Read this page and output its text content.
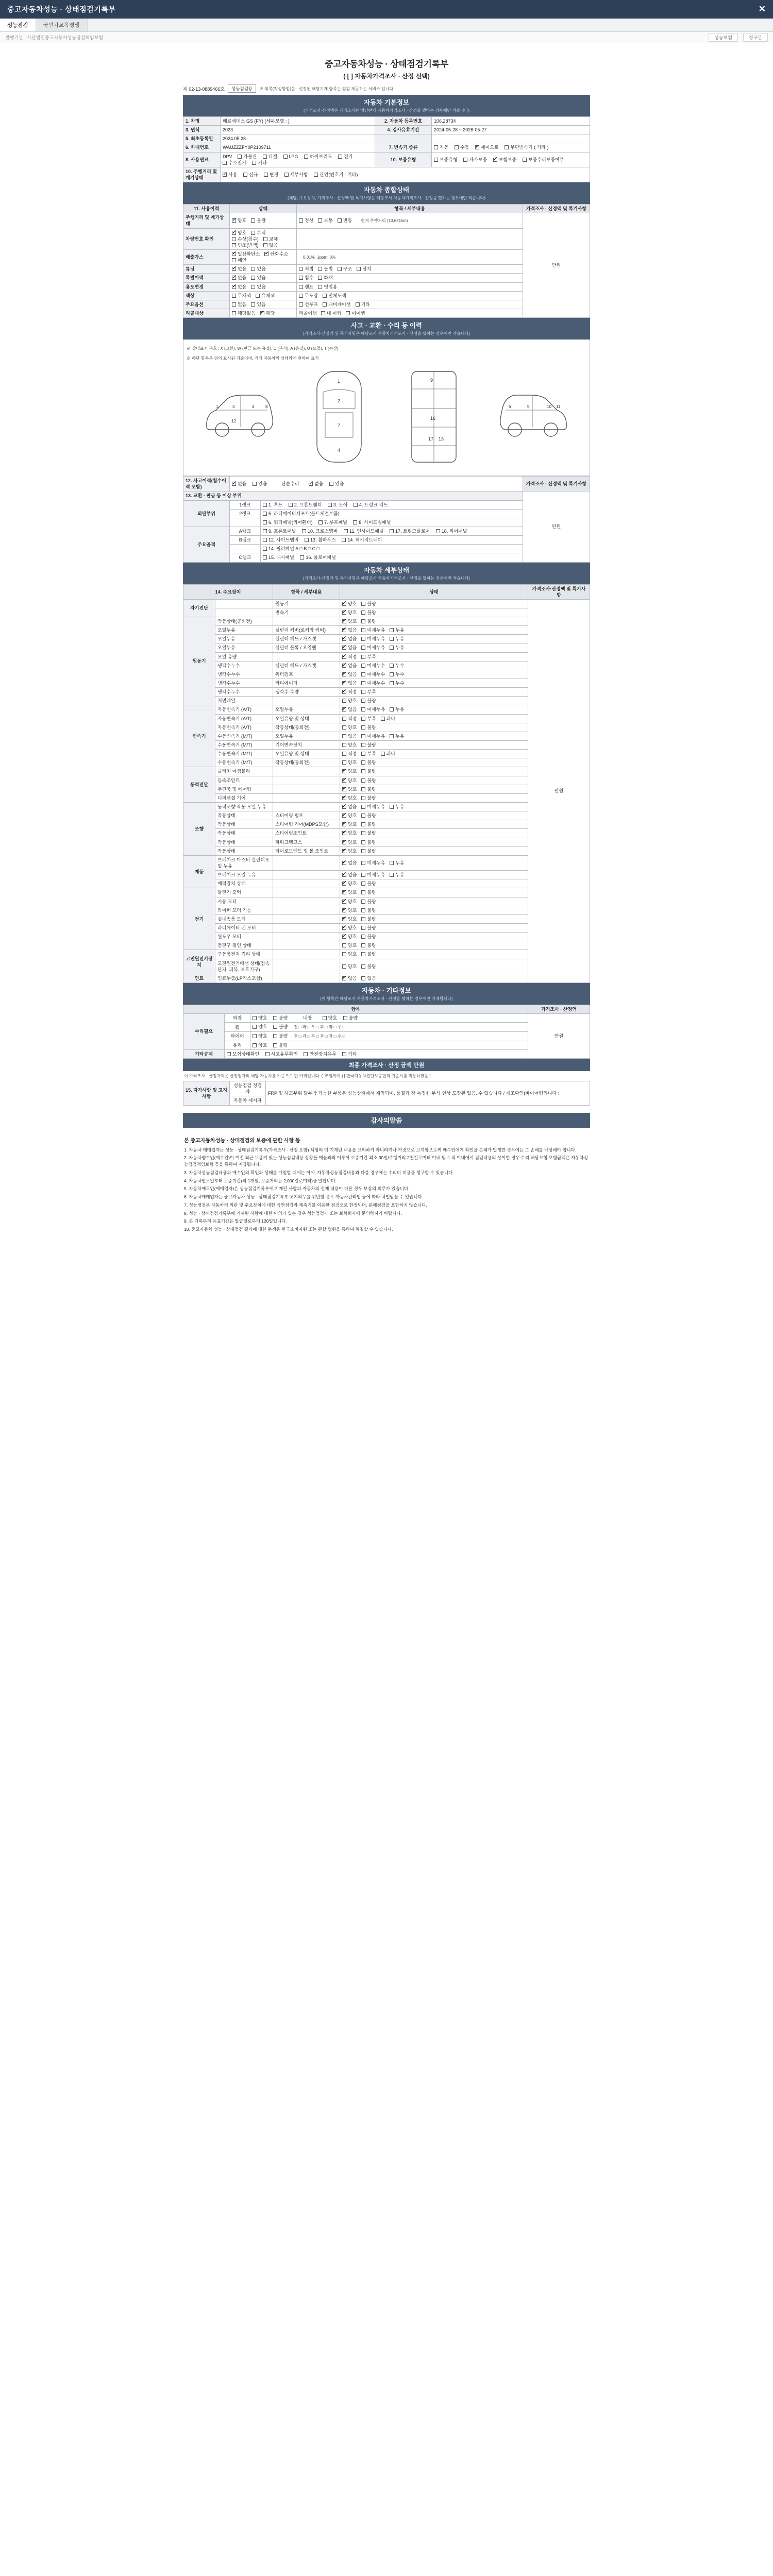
중고자동차성능 · 상태점검기록부	✕
성능점검	국민차교육평생
발행기관 : 사단법인중고자동차성능점검책임보험	성능보험	정구분
중고자동차성능 · 상태점검기록부
( [ ] 자동차가격조사 · 산정 선택)
제 02-13-0889466호	성능점검용	※ 뒤쪽(작성방법)을 · 선정된 해당기재 항목는 점검 제공하는 서비스 입니다.
자동차 기본정보
(가격조사·산정액은 가격조사란 해당란에 자동차가격조사 · 산정을 했하는 경우에만 적습니다)
1. 차명	메르세데스 GS (FY) (세부모델 : )	2. 자동차 등록번호	106.28734
3. 연식	2023	4. 검사유효기간	2024-05-28 ~ 2026-05-27
5. 최초등록일	2024.05.28		
6. 차대번호	WAUZZZFY0P2109711	7. 변속기 종류	자동 수동 ✓ 세미오토 무단변속기 ( 기타 )
8. 사용연료	DPV 가솔린 디젤 LPG 하이브리드 전기 수소전기 기타	10. 보증유형	보증유형 자가보증 ✓ 보험보증 보증수리보증여부
10. 주행거리 및 계기상태	✓사용 신규 변경 세부사항 관인(번호기 : 기타)
자동차 종합상태
(해당, 주요장치, 가격조사 · 산정액 및 특기사항은 해당조사 자동차가격조사 · 산정을 했하는 경우에만 적습니다)
11. 사용이력	상태	항목 / 세부내용	가격조사 · 산정액 및 특기사항
주행거리 및 계기상태	✓양호 불량	정상 보통 변동 현재 주행거리 (13,621km)	만원
차량번호 확인	✓양호 부식손상(침수) 교체변조(변색) 없음	
배출가스	✓일산화탄소 ✓ 탄화수소매연	0.01%, 1ppm, 0%	
튜닝	✓없음 있음	적법 불법 구조 장치	
특별이력	✓없음 있음	침수 화재	
용도변경	✓없음 있음	렌트 영업용	
색상	무채색 유채색	무도장 전체도색	
주요옵션	없음 있음	선루프 내비게이션 기타	
리콜대상	해당없음 ✓ 해당	리콜이행 내 이행 미이행	
사고 · 교환 · 수리 등 이력
(가격조사·산정액 및 특기사항은 해당조사 자동차가격조사 · 산정을 했하는 경우에만 적습니다)
※ 상태표시 부호 : X (교환), W (판금 또는 용접), C (부식), A (흠집), U (요철), T (손상)
※ 하단 항목은 위의 표시된 기준이며, 기타 자동차의 상태와에 관하여 표기
1	3	4	8
12
1
2
7
4
9
16
17 13
6	5	10 11
12. 사고이력(침수이력 포함)	✓없음 있음 단순수리 ✓ 없음 있음		가격조사 · 산정액 및 특기사항
13. 교환 · 판금 등 이상 부위			만원
외판부위	1랭크	1. 후드 2. 프론트휀더 3. 도어 4. 트렁크 리드	
	2랭크	5. 라디에이터서포트(볼트체결부품)	
		6. 쿼터패널(리어휀더) 7. 루프패널 8. 사이드실패널	
주요골격	A랭크	9. 프론트패널 10. 크로스멤버 11. 인사이드패널 17. 트렁크플로어 18. 리어패널	
	B랭크	12. 사이드멤버 13. 휠하우스 14. 패키지트레이	
		14. 필러패널 A □ B □ C □	
	C랭크	15. 대시패널 16. 플로어패널	
자동차 세부상태
(가격조사·산정액 및 특기사항은 해당조사 자동차가격조사 · 산정을 했하는 경우에만 적습니다)
14. 주요장치		항목 / 세부내용	상태	가격조사·산정액 및 특기사항
자기진단		원동기	✓양호 불량	만원
		변속기	✓양호 불량
원동기	작동상태(공회전)		✓양호 불량
	오일누유	실린더 커버(로커암 커버)	✓없음 미세누유 누유
	오일누유	실린더 헤드 / 가스켓	✓없음 미세누유 누유
	오일누유	실린더 블록 / 오일팬	✓없음 미세누유 누유
	오일 유량		✓적정 부족
	냉각수누수	실린더 헤드 / 가스켓	✓없음 미세누수 누수
	냉각수누수	워터펌프	✓없음 미세누수 누수
	냉각수누수	라디에이터	✓없음 미세누수 누수
	냉각수누수	냉각수 수량	✓적정 부족
	커먼레일		양호 불량	
변속기	자동변속기 (A/T)	오일누유	✓없음 미세누유 누유
	자동변속기 (A/T)	오일유량 및 상태	적정 부족 과다	
	자동변속기 (A/T)	작동상태(공회전)	양호 불량	
	수동변속기 (M/T)	오일누유	없음 미세누유 누유	
	수동변속기 (M/T)	기어변속장치	양호 불량	
	수동변속기 (M/T)	오일유량 및 상태	적정 부족 과다	
	수동변속기 (M/T)	작동상태(공회전)	양호 불량	
동력전달	클러치 어셈블리		✓양호 불량
	등속조인트		✓양호 불량
	추진축 및 베어링		✓양호 불량
	디퍼렌셜 기어		✓양호 불량
조향	동력조향 작동 오일 누유		✓없음 미세누유 누유
	작동상태	스티어링 펌프	✓양호 불량
	작동상태	스티어링 기어(MDPS포함)	✓양호 불량
	작동상태	스티어링조인트	✓양호 불량
	작동상태	파워크랭크스	✓양호 불량
	작동상태	타이로드엔드 및 볼 조인트	✓양호 불량
제동	브레이크 마스터 실린더오일 누유		✓없음 미세누유 누유
	브레이크 오일 누유		✓없음 미세누유 누유
	배력장치 상태		✓양호 불량
전기	발전기 출력		✓양호 불량
	시동 모터		✓양호 불량
	와이퍼 모터 기능		✓양호 불량
	실내송풍 모터		✓양호 불량
	라디에이터 팬 모터		✓양호 불량
	윈도우 모터		✓양호 불량
	충전구 절연 상태		양호 불량	
고전원전기장치	구동축전지 격리 상태		양호 불량	
	고전원전기배선 상태(접속단자, 피복, 보호기구)		양호 불량	
연료	연료누출(LP가스포함)		✓없음 있음
자동차 · 기타정보
(이 항목은 해당조사 자동차가격조사 · 산정을 했하는 경우에만 기재합니다)
항목			가격조사 · 산정액
수리필요	외장	양호 불량 내장 양호 불량	만원
	휠	양호 불량 전 □ 좌 □ 우 □ 후 □ 좌 □ 우 □	
	타이어	양호 불량 전 □ 좌 □ 우 □ 후 □ 좌 □ 우 □	
	유리	양호 불량	
기타공제	보험상태확인 사고유무확인 안전장치유무 기타		
최종 가격조사 · 산정 금액 만원
이 가격조사 · 산정가격은 산정일자의 해당 자동차를 기준으로 한 가격입니다. ( 15일까지 ) [ 한국자동차진단보증협회 기준시를 적용하였음 ]
15. 자가사항 및 고지사항	성능점검 정검자	FRP 및 사고부위 탈부착 가능한 부품은 성능상태에서 제외되며, 품질가 장 특정한 부식 현상 도장된 있음. 수 있습니다 / 재조확인(바이어링입니다 :
자동차 제시자
감사의말씀
본 중고자동차성능 · 상태점검의 보증에 관한 사항 등
1. 자동차 매매업자는 성능 · 상태점검기록부(가격조사 · 산정 포함) 책임의 매 기재된 내용을 교의하거 마니라거나 거짓으로 고지함으로써 매수인에게 확인을 손해가 발생한 경우에는 그 손해를 배상해야 합니다.
2. 자동차양수인(매수인)이 이전 최근 보증기 있는 성능점검내용 상황들 매물과의 이루어 보증기간 최소 30일/주행거리 2천킬로미터 이내 및 누적 이내에서 점검내용의 상이한 경우 수리 해당보험 보험금액은 자동차성능점검책임보험 등을 통하여 지급됩니다.
3. 자동차성능점검내용과 매수인의 확인과 상태를 매입할 때에는 이에, 자동차성능점검내용과 다를 경우에는 수리비 비용을 청구할 수 있습니다.
4. 자동차인도일부터 보증기간(최 1개월, 보증거리는 2,000킬로미터)을 말합니다.
5. 자동차매도인(매매업자)은 성능점검기록부에 기재된 사항과 자동차의 실제 내용이 다른 경우 보상의 의무가 있습니다.
6. 자동차매매업자는 중고자동차 성능 · 상태점검기록부 고지의무를 위반할 경우 자동차관리법 등에 따라 처벌받을 수 있습니다.
7. 성능점검은 자동차의 외관 및 주요장치에 대한 육안점검과 계측기를 이용한 점검으로 한정되며, 분해점검을 포함하지 않습니다.
8. 성능 · 상태점검기록부에 기재된 사항에 대한 이의가 있는 경우 성능점검자 또는 보험회사에 문의하시기 바랍니다.
9. 본 기록부의 유효기간은 발급일로부터 120일입니다.
10. 중고자동차 성능 · 상태점검 결과에 대한 분쟁은 한국소비자원 또는 관할 법원을 통하여 해결할 수 있습니다.
